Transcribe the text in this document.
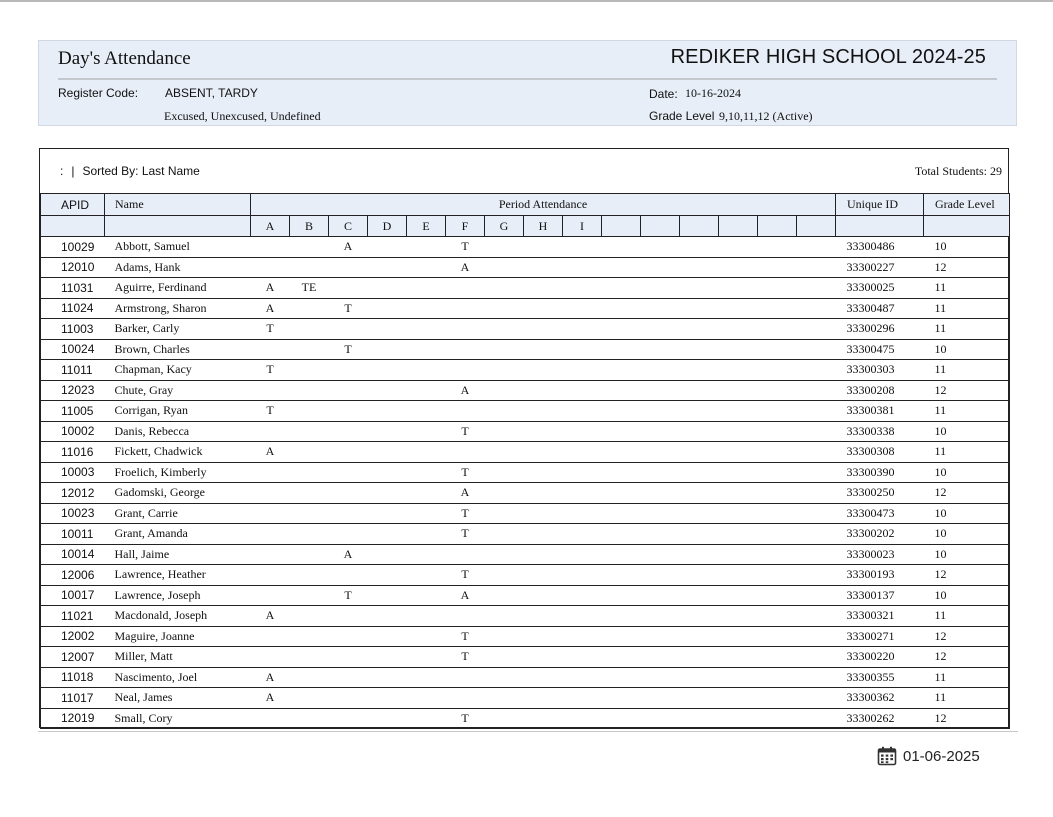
Day's Attendance	REDIKER HIGH SCHOOL 2024-25
Register Code: ABSENT, TARDY
Excused, Unexcused, Undefined
Date: 10-16-2024
Grade Level 9,10,11,12 (Active)
: | Sorted By: Last Name	Total Students: 29
APID	Name	Period Attendance															Unique ID	Grade Level
		A	B	C	D	E	F	G	H	I								
10029	Abbott, Samuel			A			T										33300486	10
12010	Adams, Hank						A										33300227	12
11031	Aguirre, Ferdinand	A	TE														33300025	11
11024	Armstrong, Sharon	A		T													33300487	11
11003	Barker, Carly	T															33300296	11
10024	Brown, Charles			T													33300475	10
11011	Chapman, Kacy	T															33300303	11
12023	Chute, Gray						A										33300208	12
11005	Corrigan, Ryan	T															33300381	11
10002	Danis, Rebecca						T										33300338	10
11016	Fickett, Chadwick	A															33300308	11
10003	Froelich, Kimberly						T										33300390	10
12012	Gadomski, George						A										33300250	12
10023	Grant, Carrie						T										33300473	10
10011	Grant, Amanda						T										33300202	10
10014	Hall, Jaime			A													33300023	10
12006	Lawrence, Heather						T										33300193	12
10017	Lawrence, Joseph			T			A										33300137	10
11021	Macdonald, Joseph	A															33300321	11
12002	Maguire, Joanne						T										33300271	12
12007	Miller, Matt						T										33300220	12
11018	Nascimento, Joel	A															33300355	11
11017	Neal, James	A															33300362	11
12019	Small, Cory						T										33300262	12
01-06-2025
